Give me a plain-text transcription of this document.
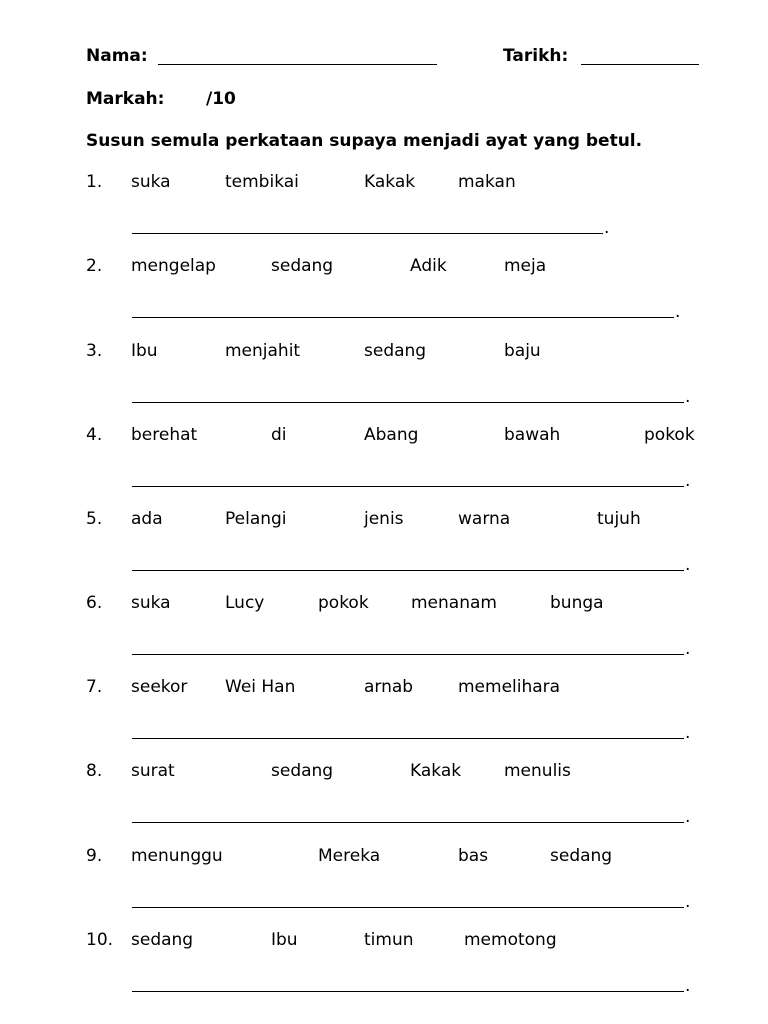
Nama:	Tarikh:
Markah: /10
Susun semula perkataan supaya menjadi ayat yang betul.
1. suka	tembikai	Kakak	makan
.
2. mengelap	sedang	Adik	meja
.
3. Ibu	menjahit	sedang	baju
.
4. berehat	di	Abang	bawah	pokok
.
5. ada	Pelangi	jenis	warna	tujuh
.
6. suka	Lucy	pokok menanam	bunga
.
7. seekor Wei Han	arnab	memelihara
.
8. surat	sedang	Kakak	menulis
.
9. menunggu	Mereka	bas	sedang
.
10. sedang	Ibu	timun	memotong
.
